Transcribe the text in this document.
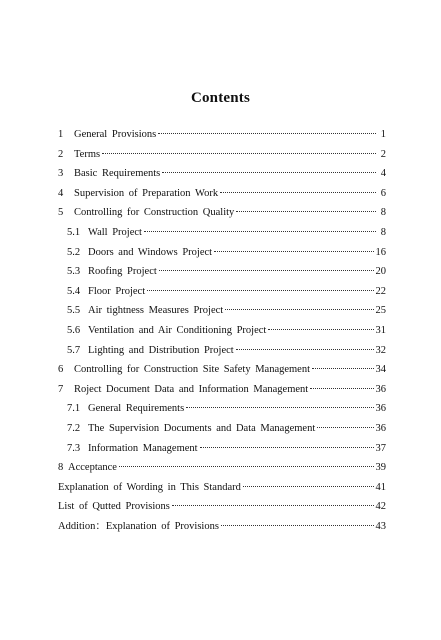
Contents
1	General Provisions	1
2	Terms	2
3	Basic Requirements	4
4	Supervision of Preparation Work	6
5	Controlling for Construction Quality	8
5.1 Wall Project	8
5.2 Doors and Windows Project	16
5.3 Roofing Project	20
5.4 Floor Project	22
5.5 Air tightness Measures Project	25
5.6 Ventilation and Air Conditioning Project	31
5.7 Lighting and Distribution Project	32
6	Controlling for Construction Site Safety Management	34
7	Roject Document Data and Information Management	36
7.1 General Requirements	36
7.2 The Supervision Documents and Data Management	36
7.3 Information Management	37
8 Acceptance	39
Explanation of Wording in This Standard	41
List of Qutted Provisions	42
Addition：Explanation of Provisions	43
